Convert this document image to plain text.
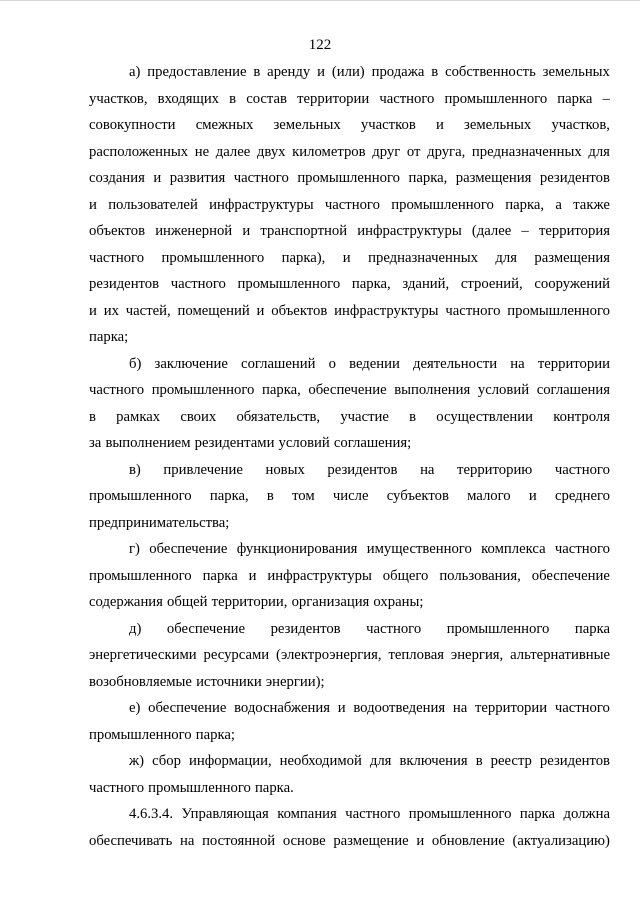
122
а) предоставление в аренду и (или) продажа в собственность земельных
участков, входящих в состав территории частного промышленного парка –
совокупности смежных земельных участков и земельных участков,
расположенных не далее двух километров друг от друга, предназначенных для
создания и развития частного промышленного парка, размещения резидентов
и пользователей инфраструктуры частного промышленного парка, а также
объектов инженерной и транспортной инфраструктуры (далее – территория
частного промышленного парка), и предназначенных для размещения
резидентов частного промышленного парка, зданий, строений, сооружений
и их частей, помещений и объектов инфраструктуры частного промышленного
парка;
б) заключение соглашений о ведении деятельности на территории
частного промышленного парка, обеспечение выполнения условий соглашения
в рамках своих обязательств, участие в осуществлении контроля
за выполнением резидентами условий соглашения;
в) привлечение новых резидентов на территорию частного
промышленного парка, в том числе субъектов малого и среднего
предпринимательства;
г) обеспечение функционирования имущественного комплекса частного
промышленного парка и инфраструктуры общего пользования, обеспечение
содержания общей территории, организация охраны;
д) обеспечение резидентов частного промышленного парка
энергетическими ресурсами (электроэнергия, тепловая энергия, альтернативные
возобновляемые источники энергии);
е) обеспечение водоснабжения и водоотведения на территории частного
промышленного парка;
ж) сбор информации, необходимой для включения в реестр резидентов
частного промышленного парка.
4.6.3.4. Управляющая компания частного промышленного парка должна
обеспечивать на постоянной основе размещение и обновление (актуализацию)
